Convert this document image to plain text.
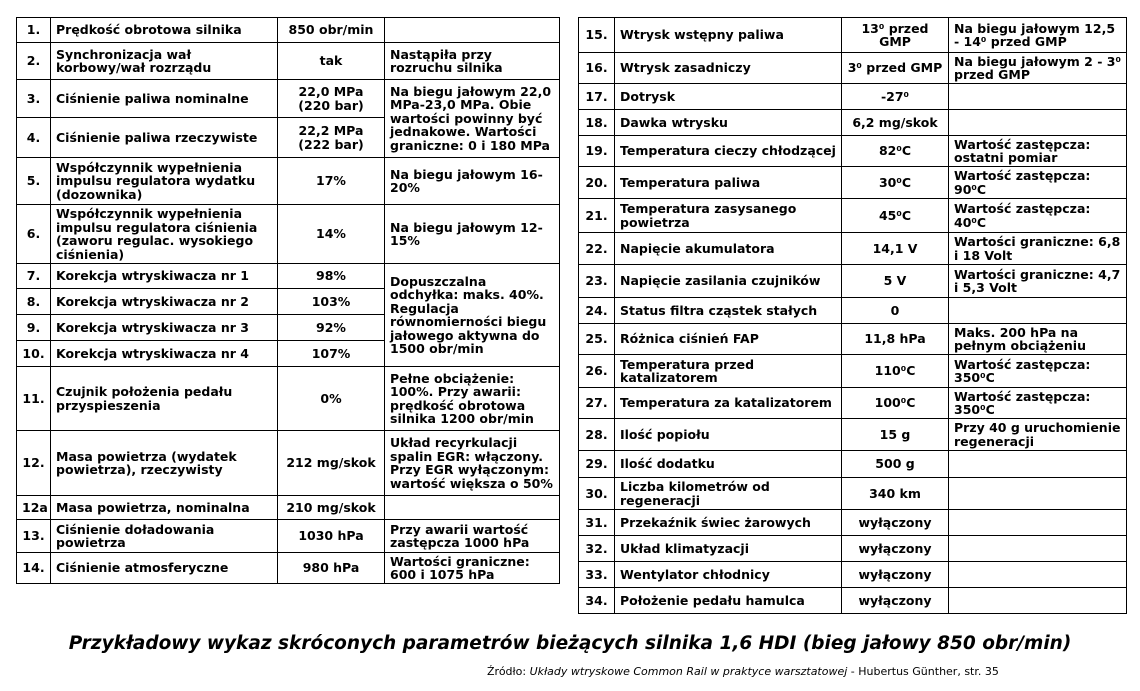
1.	Prędkość obrotowa silnika	850 obr/min	
2.	Synchronizacja wał korbowy/wał rozrządu	tak	Nastąpiła przy rozruchu silnika
3.	Ciśnienie paliwa nominalne	22,0 MPa (220 bar)	Na biegu jałowym 22,0 MPa-23,0 MPa. Obie wartości powinny być jednakowe. Wartości graniczne: 0 i 180 MPa
4.	Ciśnienie paliwa rzeczywiste	22,2 MPa (222 bar)	
5.	Współczynnik wypełnienia impulsu regulatora wydatku (dozownika)	17%	Na biegu jałowym 16-20%
6.	Współczynnik wypełnienia impulsu regulatora ciśnienia (zaworu regulac. wysokiego ciśnienia)	14%	Na biegu jałowym 12-15%
7.	Korekcja wtryskiwacza nr 1	98%	Dopuszczalna odchyłka: maks. 40%. Regulacja równomierności biegu jałowego aktywna do 1500 obr/min
8.	Korekcja wtryskiwacza nr 2	103%	
9.	Korekcja wtryskiwacza nr 3	92%	
10.	Korekcja wtryskiwacza nr 4	107%	
11.	Czujnik położenia pedału przyspieszenia	0%	Pełne obciążenie: 100%. Przy awarii: prędkość obrotowa silnika 1200 obr/min
12.	Masa powietrza (wydatek powietrza), rzeczywisty	212 mg/skok	Układ recyrkulacji spalin EGR: włączony. Przy EGR wyłączonym: wartość większa o 50%
12a	Masa powietrza, nominalna	210 mg/skok	
13.	Ciśnienie doładowania powietrza	1030 hPa	Przy awarii wartość zastępcza 1000 hPa
14.	Ciśnienie atmosferyczne	980 hPa	Wartości graniczne: 600 i 1075 hPa
15.	Wtrysk wstępny paliwa	13⁰ przed GMP	Na biegu jałowym 12,5 - 14⁰ przed GMP
16.	Wtrysk zasadniczy	3⁰ przed GMP	Na biegu jałowym 2 - 3⁰ przed GMP
17.	Dotrysk	-27⁰	
18.	Dawka wtrysku	6,2 mg/skok	
19.	Temperatura cieczy chłodzącej	82⁰C	Wartość zastępcza: ostatni pomiar
20.	Temperatura paliwa	30⁰C	Wartość zastępcza: 90⁰C
21.	Temperatura zasysanego powietrza	45⁰C	Wartość zastępcza: 40⁰C
22.	Napięcie akumulatora	14,1 V	Wartości graniczne: 6,8 i 18 Volt
23.	Napięcie zasilania czujników	5 V	Wartości graniczne: 4,7 i 5,3 Volt
24.	Status filtra cząstek stałych	0	
25.	Różnica ciśnień FAP	11,8 hPa	Maks. 200 hPa na pełnym obciążeniu
26.	Temperatura przed katalizatorem	110⁰C	Wartość zastępcza: 350⁰C
27.	Temperatura za katalizatorem	100⁰C	Wartość zastępcza: 350⁰C
28.	Ilość popiołu	15 g	Przy 40 g uruchomienie regeneracji
29.	Ilość dodatku	500 g	
30.	Liczba kilometrów od regeneracji	340 km	
31.	Przekaźnik świec żarowych	wyłączony	
32.	Układ klimatyzacji	wyłączony	
33.	Wentylator chłodnicy	wyłączony	
34.	Położenie pedału hamulca	wyłączony	
Przykładowy wykaz skróconych parametrów bieżących silnika 1,6 HDI (bieg jałowy 850 obr/min)
Źródło: Układy wtryskowe Common Rail w praktyce warsztatowej - Hubertus Günther, str. 35
